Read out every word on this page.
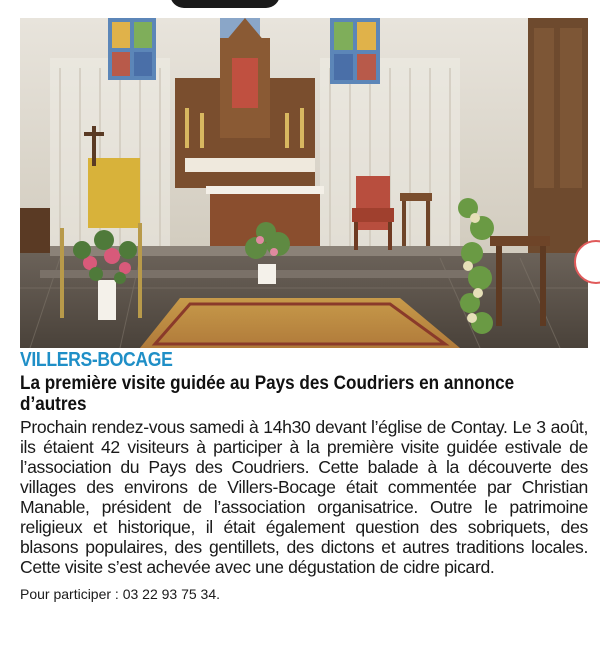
VILLERS-BOCAGE
La première visite guidée au Pays des Coudriers en annonce d’autres
Prochain rendez-vous samedi à 14h30 devant l’église de Contay. Le 3 août, ils étaient 42 visiteurs à participer à la première visite guidée estivale de l’association du Pays des Coudriers. Cette balade à la découverte des villages des environs de Villers-Bocage était commentée par Christian Manable, président de l’association organisatrice. Outre le patrimoine religieux et historique, il était également question des sobriquets, des blasons populaires, des gentillets, des dictons et autres traditions locales. Cette visite s’est achevée avec une dégustation de cidre picard.
Pour participer : 03 22 93 75 34.
